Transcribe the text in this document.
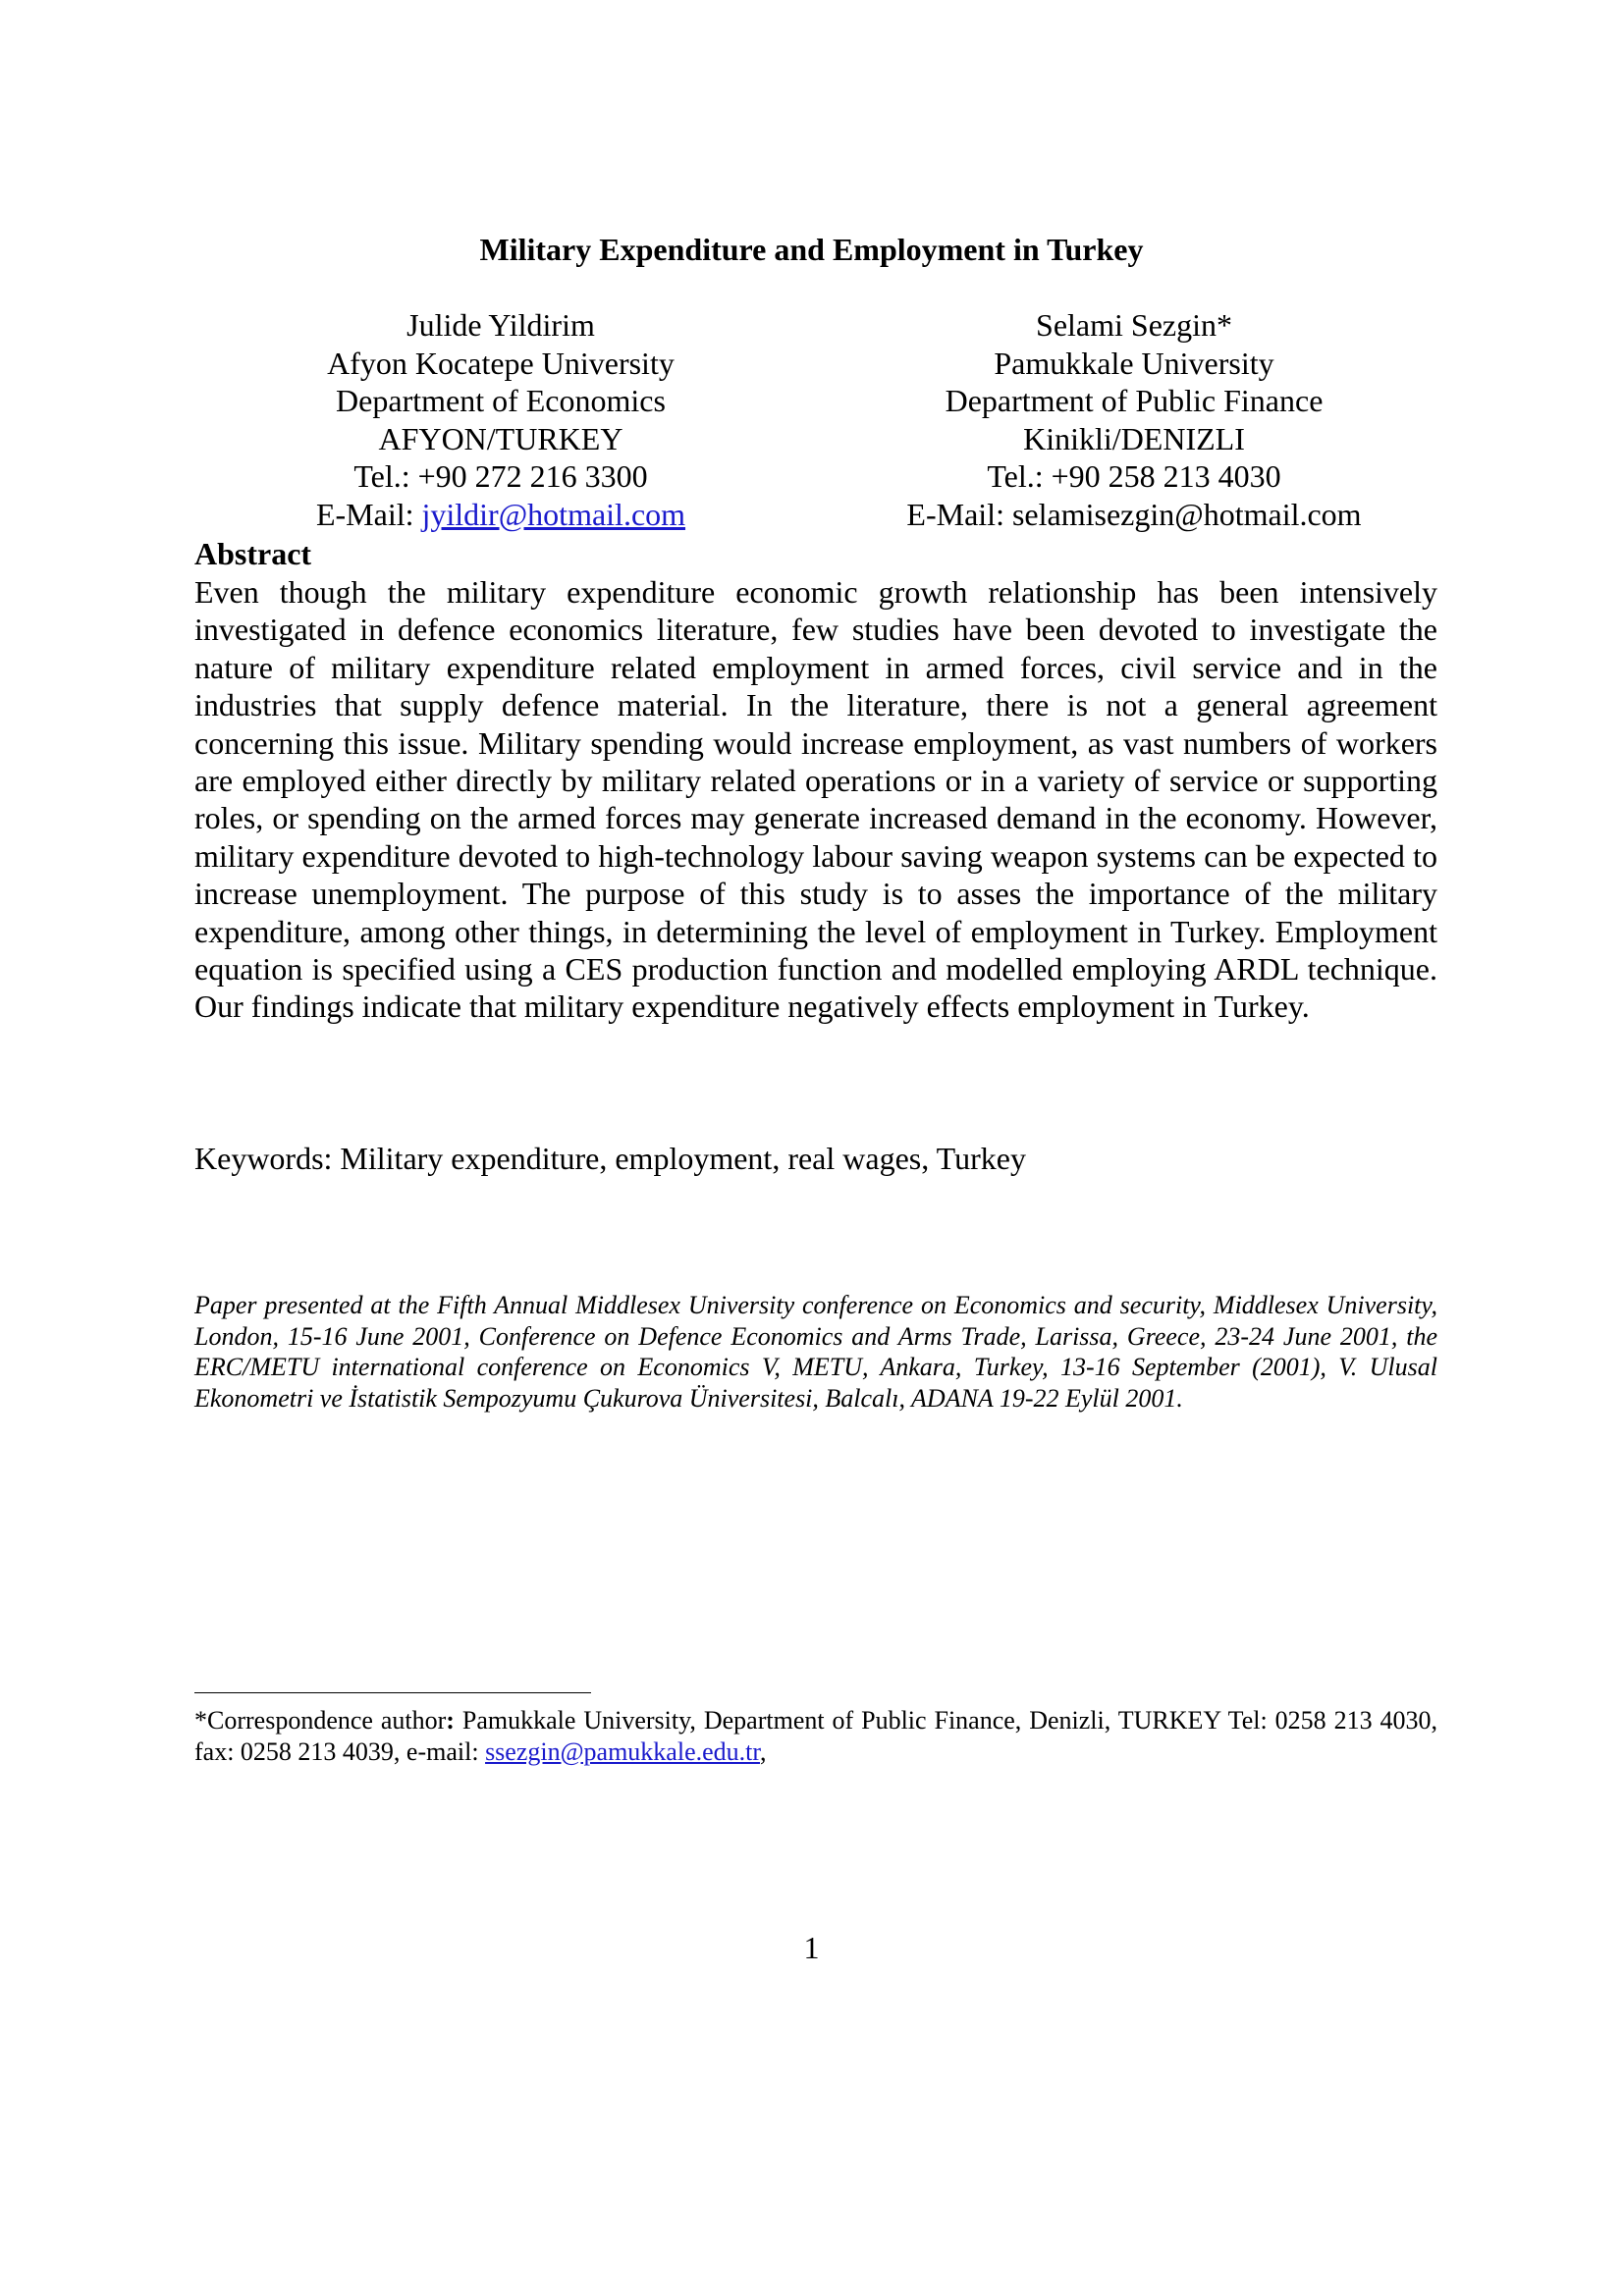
Military Expenditure and Employment in Turkey
Julide Yildirim
Afyon Kocatepe University
Department of Economics
AFYON/TURKEY
Tel.: +90 272 216 3300
E-Mail: jyildir@hotmail.com
Selami Sezgin*
Pamukkale University
Department of Public Finance
Kinikli/DENIZLI
Tel.: +90 258 213 4030
E-Mail: selamisezgin@hotmail.com
Abstract
Even though the military expenditure economic growth relationship has been intensively investigated in defence economics literature, few studies have been devoted to investigate the nature of military expenditure related employment in armed forces, civil service and in the industries that supply defence material. In the literature, there is not a general agreement concerning this issue. Military spending would increase employment, as vast numbers of workers are employed either directly by military related operations or in a variety of service or supporting roles, or spending on the armed forces may generate increased demand in the economy. However, military expenditure devoted to high-technology labour saving weapon systems can be expected to increase unemployment. The purpose of this study is to asses the importance of the military expenditure, among other things, in determining the level of employment in Turkey. Employment equation is specified using a CES production function and modelled employing ARDL technique. Our findings indicate that military expenditure negatively effects employment in Turkey.
Keywords: Military expenditure, employment, real wages, Turkey
Paper presented at the Fifth Annual Middlesex University conference on Economics and security, Middlesex University, London, 15-16 June 2001, Conference on Defence Economics and Arms Trade, Larissa, Greece, 23-24 June 2001, the ERC/METU international conference on Economics V, METU, Ankara, Turkey, 13-16 September (2001), V. Ulusal Ekonometri ve İstatistik Sempozyumu Çukurova Üniversitesi, Balcalı, ADANA 19-22 Eylül 2001.
*Correspondence author: Pamukkale University, Department of Public Finance, Denizli, TURKEY Tel: 0258 213 4030, fax: 0258 213 4039, e-mail: ssezgin@pamukkale.edu.tr,
1
